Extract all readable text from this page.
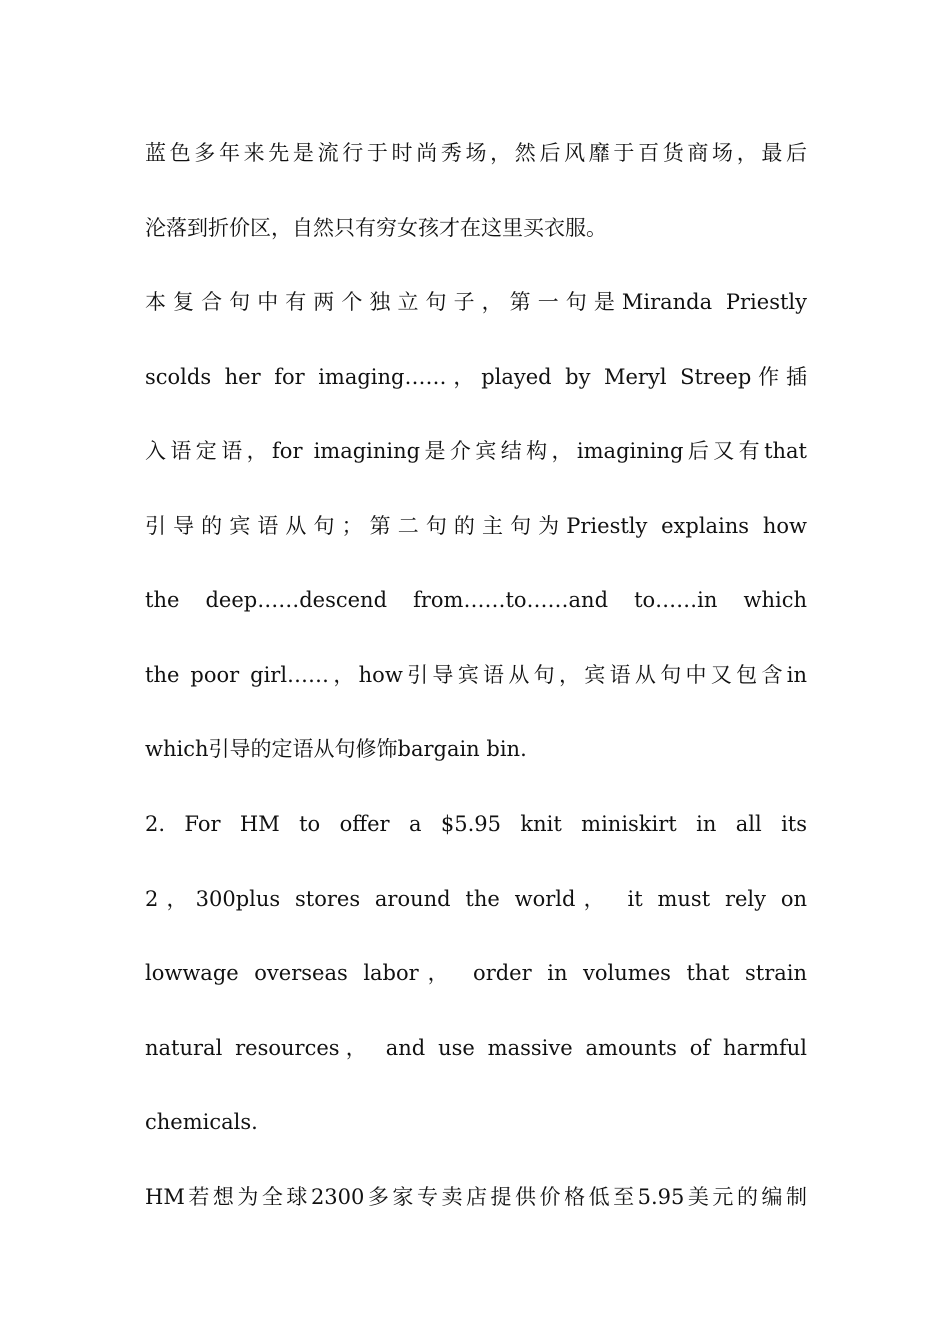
蓝色多年来先是流行于时尚秀场，然后风靡于百货商场，最后
沦落到折价区，自然只有穷女孩才在这里买衣服。
本复合句中有两个独立句子，第一句是Miranda Priestly
scolds her for imaging……，played by Meryl Streep作插
入语定语，for imagining是介宾结构，imagining后又有that
引导的宾语从句；第二句的主句为Priestly explains how
the deep……descend from……to……and to……in which
the poor girl……，how引导宾语从句，宾语从句中又包含in
which引导的定语从句修饰bargain bin.
2. For HM to offer a $5.95 knit miniskirt in all its
2，300plus stores around the world， it must rely on
lowwage overseas labor， order in volumes that strain
natural resources， and use massive amounts of harmful
chemicals.
HM若想为全球2300多家专卖店提供价格低至5.95美元的编制
